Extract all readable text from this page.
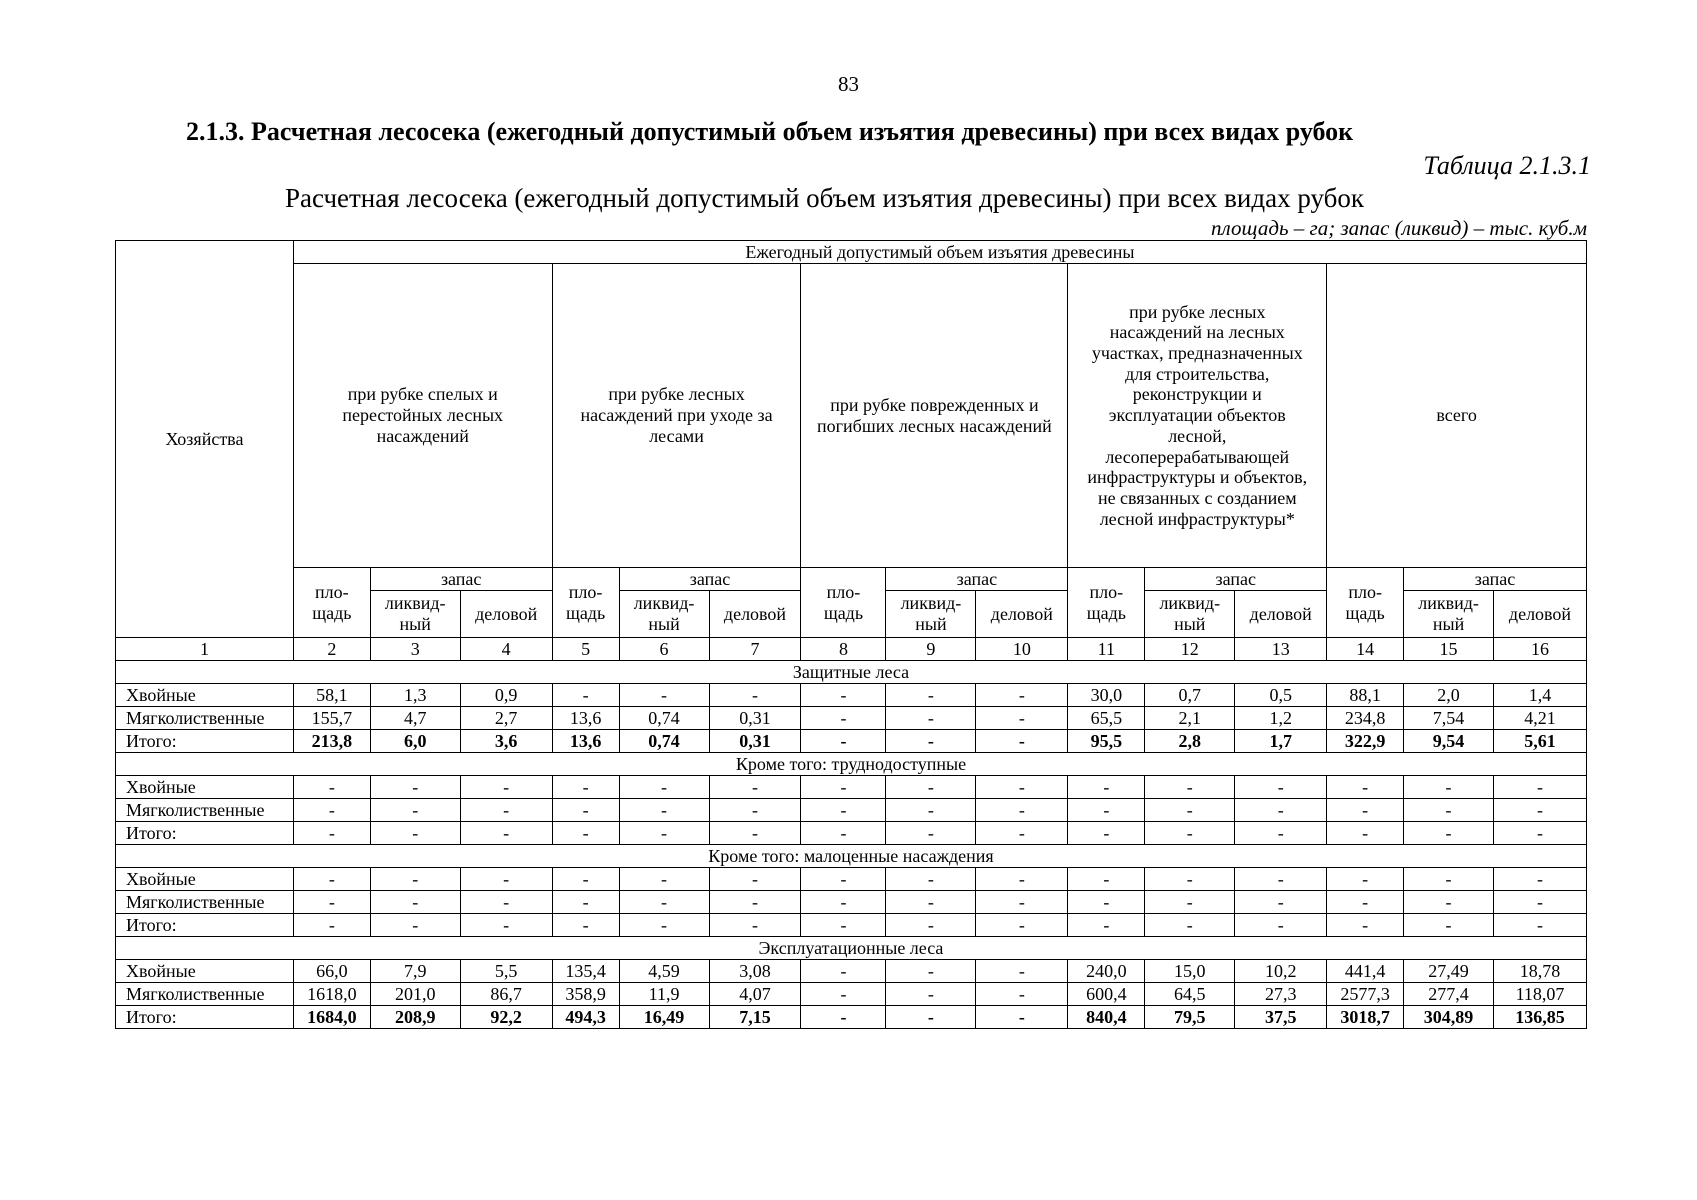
83
2.1.3. Расчетная лесосека (ежегодный допустимый объем изъятия древесины) при всех видах рубок
Таблица 2.1.3.1
Расчетная лесосека (ежегодный допустимый объем изъятия древесины) при всех видах рубок
площадь – га; запас (ликвид) – тыс. куб.м
Хозяйства	Ежегодный допустимый объем изъятия древесины														
	при рубке спелых и перестойных лесных насаждений			при рубке лесных насаждений при уходе за лесами			при рубке поврежденных и погибших лесных насаждений			при рубке лесных насаждений на лесных участках, предназначенных для строительства, реконструкции и эксплуатации объектов лесной, лесоперерабатывающей инфраструктуры и объектов, не связанных с созданием лесной инфраструктуры*			всего		
	пло-щадь	запас		пло-щадь	запас		пло-щадь	запас		пло-щадь	запас		пло-щадь	запас	
		ликвид-ный	деловой		ликвид-ный	деловой		ликвид-ный	деловой		ликвид-ный	деловой		ликвид-ный	деловой
1	2	3	4	5	6	7	8	9	10	11	12	13	14	15	16
Защитные леса															
Хвойные	58,1	1,3	0,9	-	-	-	-	-	-	30,0	0,7	0,5	88,1	2,0	1,4
Мягколиственные	155,7	4,7	2,7	13,6	0,74	0,31	-	-	-	65,5	2,1	1,2	234,8	7,54	4,21
Итого:	213,8	6,0	3,6	13,6	0,74	0,31	-	-	-	95,5	2,8	1,7	322,9	9,54	5,61
Кроме того: труднодоступные															
Хвойные	-	-	-	-	-	-	-	-	-	-	-	-	-	-	-
Мягколиственные	-	-	-	-	-	-	-	-	-	-	-	-	-	-	-
Итого:	-	-	-	-	-	-	-	-	-	-	-	-	-	-	-
Кроме того: малоценные насаждения															
Хвойные	-	-	-	-	-	-	-	-	-	-	-	-	-	-	-
Мягколиственные	-	-	-	-	-	-	-	-	-	-	-	-	-	-	-
Итого:	-	-	-	-	-	-	-	-	-	-	-	-	-	-	-
Эксплуатационные леса															
Хвойные	66,0	7,9	5,5	135,4	4,59	3,08	-	-	-	240,0	15,0	10,2	441,4	27,49	18,78
Мягколиственные	1618,0	201,0	86,7	358,9	11,9	4,07	-	-	-	600,4	64,5	27,3	2577,3	277,4	118,07
Итого:	1684,0	208,9	92,2	494,3	16,49	7,15	-	-	-	840,4	79,5	37,5	3018,7	304,89	136,85
